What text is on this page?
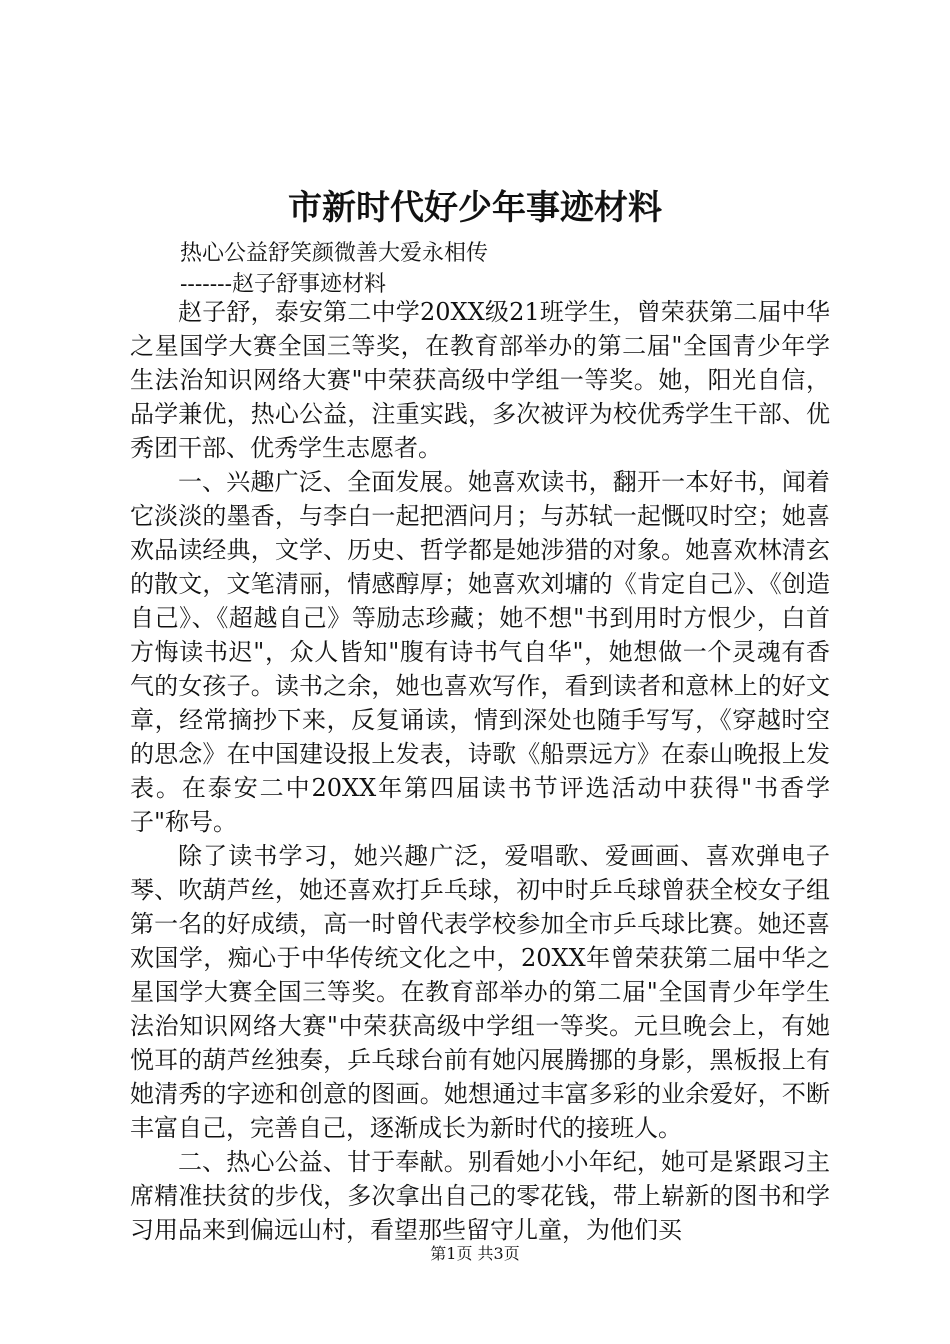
市新时代好少年事迹材料
热心公益舒笑颜微善大爱永相传
-------赵子舒事迹材料

赵子舒，泰安第二中学20XX级21班学生，曾荣获第二届中华之星国学大赛全国三等奖，在教育部举办的第二届"全国青少年学生法治知识网络大赛"中荣获高级中学组一等奖。她，阳光自信，品学兼优，热心公益，注重实践，多次被评为校优秀学生干部、优秀团干部、优秀学生志愿者。

一、兴趣广泛、全面发展。她喜欢读书，翻开一本好书，闻着它淡淡的墨香，与李白一起把酒问月；与苏轼一起慨叹时空；她喜欢品读经典，文学、历史、哲学都是她涉猎的对象。她喜欢林清玄的散文，文笔清丽，情感醇厚；她喜欢刘墉的《肯定自己》、《创造自己》、《超越自己》等励志珍藏；她不想"书到用时方恨少，白首方悔读书迟"，众人皆知"腹有诗书气自华"，她想做一个灵魂有香气的女孩子。读书之余，她也喜欢写作，看到读者和意林上的好文章，经常摘抄下来，反复诵读，情到深处也随手写写，《穿越时空的思念》在中国建设报上发表，诗歌《船票远方》在泰山晚报上发表。在泰安二中20XX年第四届读书节评选活动中获得"书香学子"称号。

除了读书学习，她兴趣广泛，爱唱歌、爱画画、喜欢弹电子琴、吹葫芦丝，她还喜欢打乒乓球，初中时乒乓球曾获全校女子组第一名的好成绩，高一时曾代表学校参加全市乒乓球比赛。她还喜欢国学，痴心于中华传统文化之中，20XX年曾荣获第二届中华之星国学大赛全国三等奖。在教育部举办的第二届"全国青少年学生法治知识网络大赛"中荣获高级中学组一等奖。元旦晚会上，有她悦耳的葫芦丝独奏，乒乓球台前有她闪展腾挪的身影，黑板报上有她清秀的字迹和创意的图画。她想通过丰富多彩的业余爱好，不断丰富自己，完善自己，逐渐成长为新时代的接班人。

二、热心公益、甘于奉献。别看她小小年纪，她可是紧跟习主席精准扶贫的步伐，多次拿出自己的零花钱，带上崭新的图书和学习用品来到偏远山村，看望那些留守儿童，为他们买

第1页 共3页
